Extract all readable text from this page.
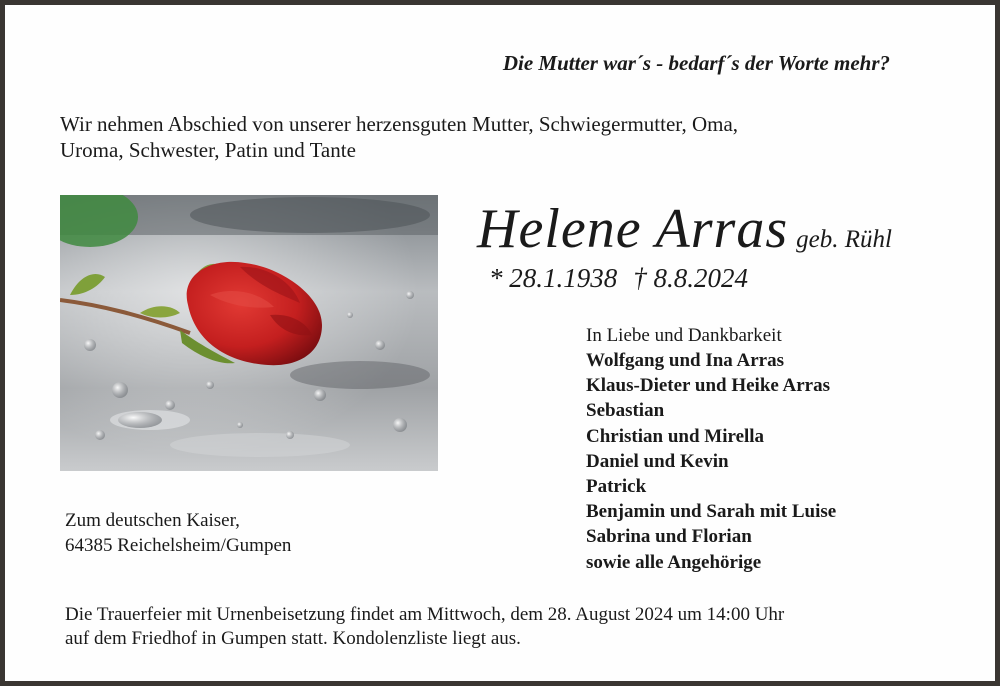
Die Mutter war´s - bedarf´s der Worte mehr?
Wir nehmen Abschied von unserer herzensguten Mutter, Schwiegermutter, Oma,
Uroma, Schwester, Patin und Tante
Helene Arras geb. Rühl
* 28.1.1938 † 8.8.2024
In Liebe und Dankbarkeit
Wolfgang und Ina Arras
Klaus-Dieter und Heike Arras
Sebastian
Christian und Mirella
Daniel und Kevin
Patrick
Benjamin und Sarah mit Luise
Sabrina und Florian
sowie alle Angehörige
Zum deutschen Kaiser,
64385 Reichelsheim/Gumpen
Die Trauerfeier mit Urnenbeisetzung findet am Mittwoch, dem 28. August 2024 um 14:00 Uhr
auf dem Friedhof in Gumpen statt. Kondolenzliste liegt aus.
